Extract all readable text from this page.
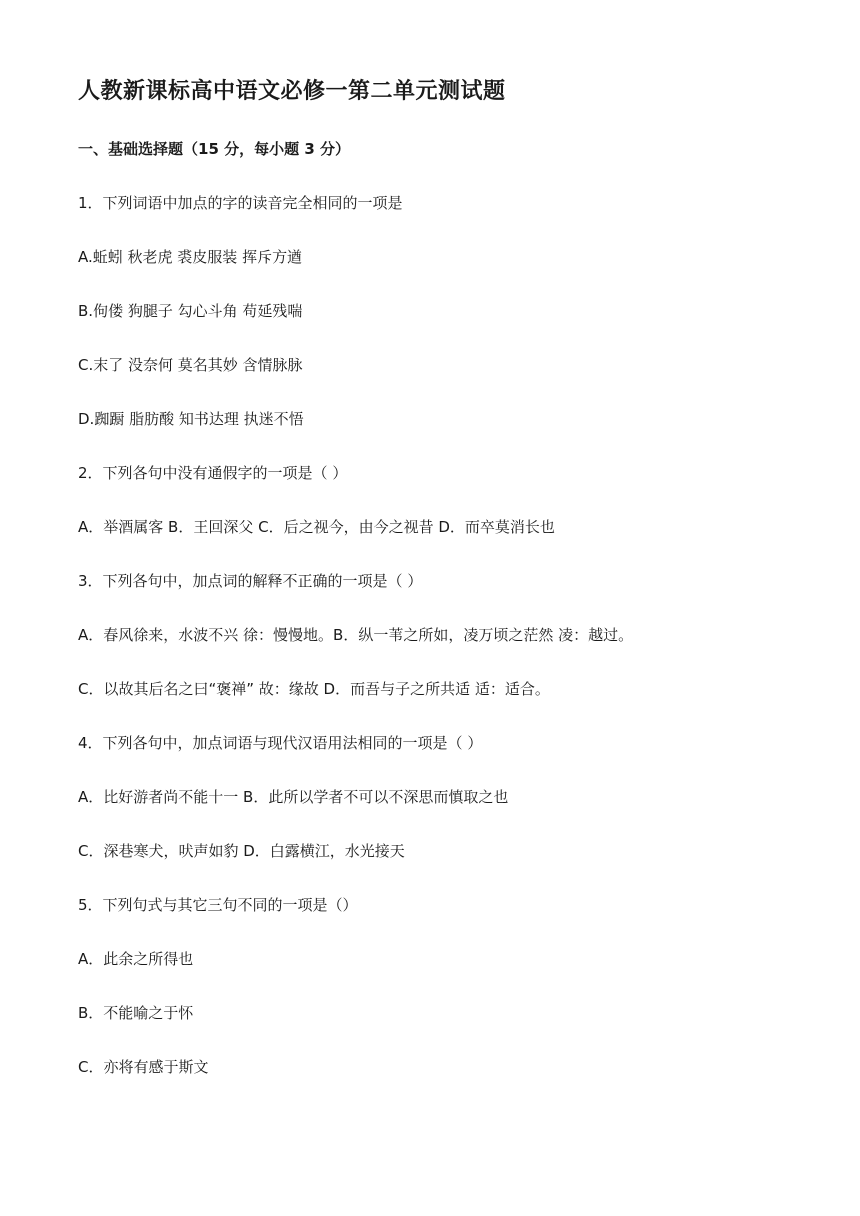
人教新课标高中语文必修一第二单元测试题
一、基础选择题（15 分，每小题 3 分）
1．下列词语中加点的字的读音完全相同的一项是
A.蚯蚓 秋老虎 裘皮服装 挥斥方遒
B.佝偻 狗腿子 勾心斗角 苟延残喘
C.末了 没奈何 莫名其妙 含情脉脉
D.踟蹰 脂肪酸 知书达理 执迷不悟
2．下列各句中没有通假字的一项是（ ）
A．举酒属客 B．王回深父 C．后之视今，由今之视昔 D．而卒莫消长也
3．下列各句中，加点词的解释不正确的一项是（ ）
A．春风徐来，水波不兴 徐：慢慢地。B．纵一苇之所如，凌万顷之茫然 凌：越过。
C．以故其后名之曰“褒禅” 故：缘故 D．而吾与子之所共适 适：适合。
4．下列各句中，加点词语与现代汉语用法相同的一项是（ ）
A．比好游者尚不能十一 B．此所以学者不可以不深思而慎取之也
C．深巷寒犬，吠声如豹 D．白露横江，水光接天
5．下列句式与其它三句不同的一项是（）
A．此余之所得也
B．不能喻之于怀
C．亦将有感于斯文
